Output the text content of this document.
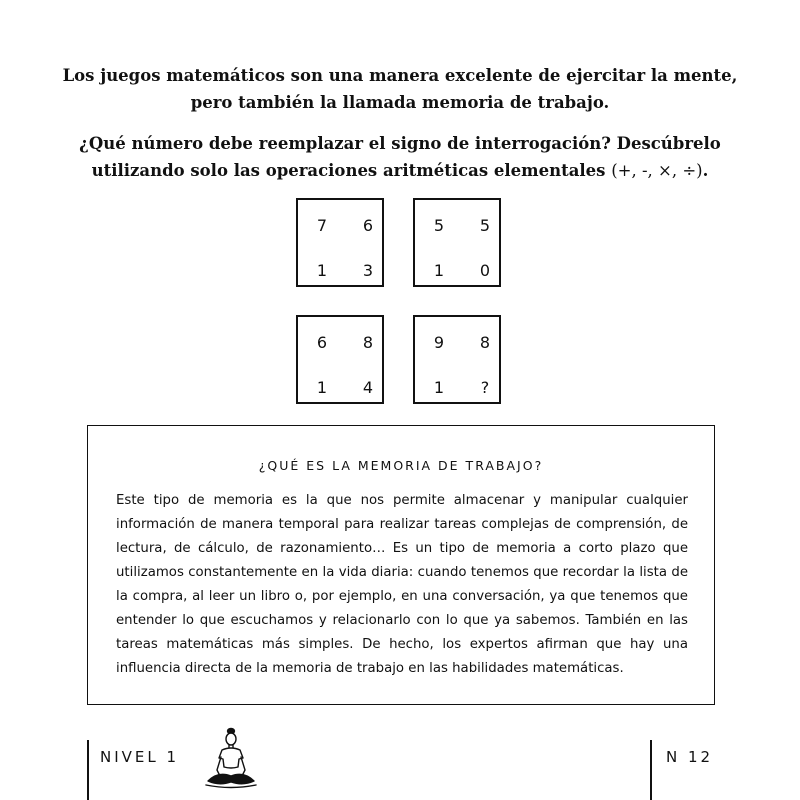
Los juegos matemáticos son una manera excelente de ejercitar la mente,
pero también la llamada memoria de trabajo.
¿Qué número debe reemplazar el signo de interrogación? Descúbrelo
utilizando solo las operaciones aritméticas elementales (+, -, ×, ÷).
7	6
1	3
5	5
1	0
6	8
1	4
9	8
1	?
¿QUÉ ES LA MEMORIA DE TRABAJO?

Este tipo de memoria es la que nos permite almacenar y manipular cualquier información de manera temporal para realizar tareas complejas de comprensión, de lectura, de cálculo, de razonamiento… Es un tipo de memoria a corto plazo que utilizamos constantemente en la vida diaria: cuando tenemos que recordar la lista de la compra, al leer un libro o, por ejemplo, en una conversación, ya que tenemos que entender lo que escuchamos y relacionarlo con lo que ya sabemos. También en las tareas matemáticas más simples. De hecho, los expertos afirman que hay una influencia directa de la memoria de trabajo en las habilidades matemáticas.

NIVEL 1	N 12
